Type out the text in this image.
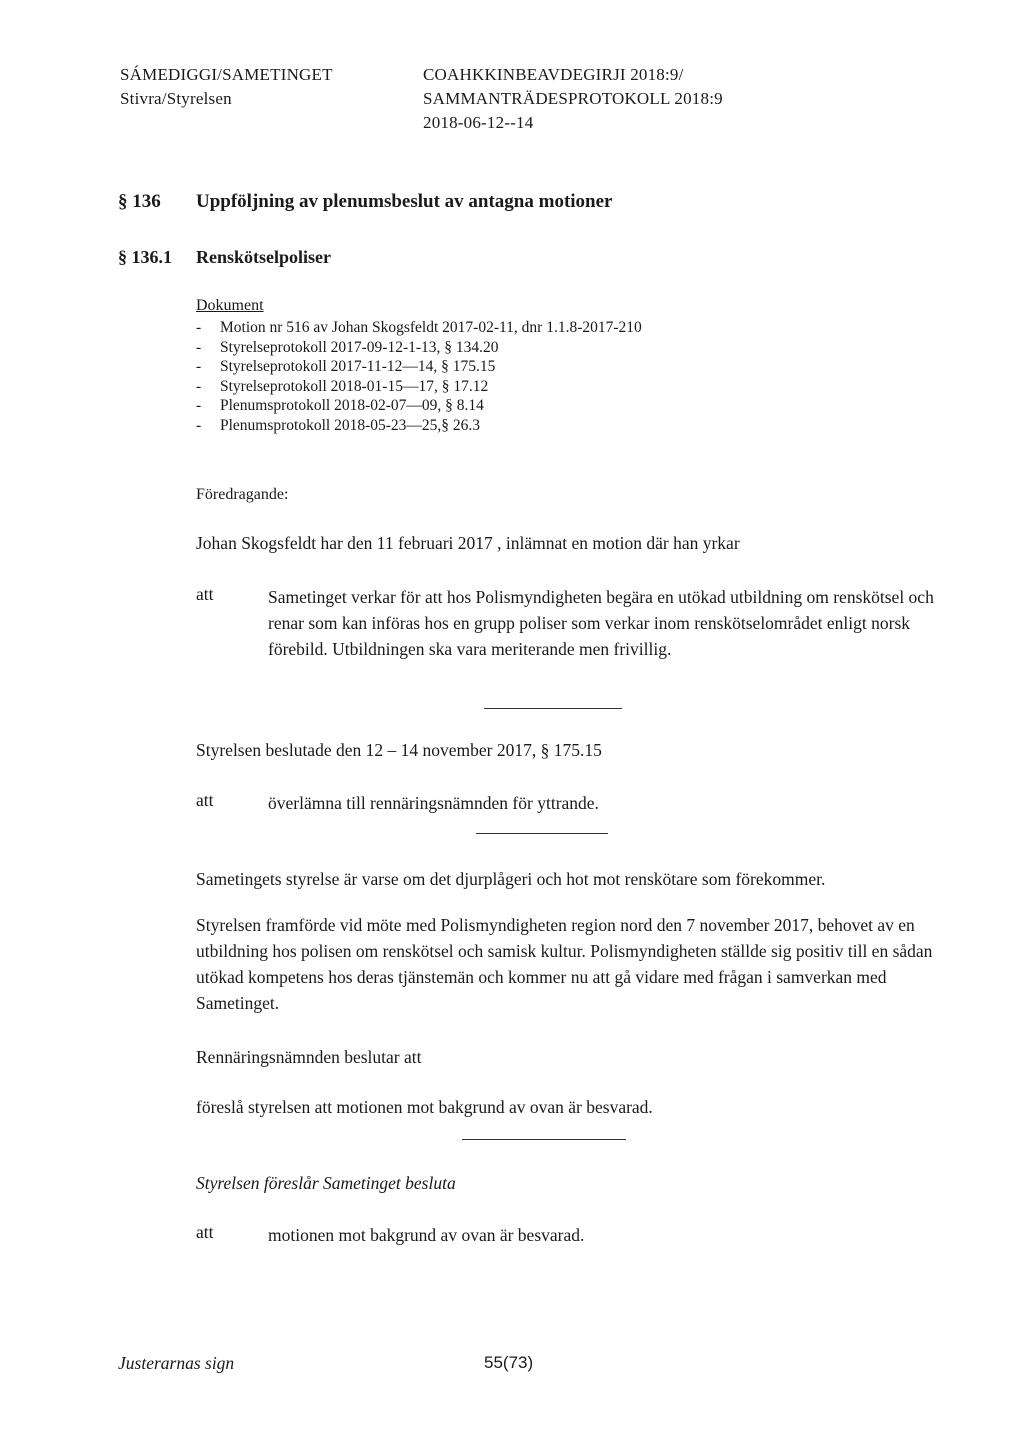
SÁMEDIGGI/SAMETINGET
Stivra/Styrelsen
COAHKKINBEAVDEGIRJI 2018:9/
SAMMANTRÄDESPROTOKOLL 2018:9
2018-06-12--14
§ 136 Uppföljning av plenumsbeslut av antagna motioner
§ 136.1 Renskötselpoliser
Dokument
- Motion nr 516 av Johan Skogsfeldt 2017-02-11, dnr 1.1.8-2017-210
- Styrelseprotokoll 2017-09-12-1-13, § 134.20
- Styrelseprotokoll 2017-11-12—14, § 175.15
- Styrelseprotokoll 2018-01-15—17, § 17.12
- Plenumsprotokoll 2018-02-07—09, § 8.14
- Plenumsprotokoll 2018-05-23—25,§ 26.3
Föredragande:
Johan Skogsfeldt har den 11 februari 2017 , inlämnat en motion där han yrkar
att	Sametinget verkar för att hos Polismyndigheten begära en utökad utbildning om renskötsel och renar som kan införas hos en grupp poliser som verkar inom renskötselområdet enligt norsk förebild. Utbildningen ska vara meriterande men frivillig.
Styrelsen beslutade den 12 – 14 november 2017, § 175.15
att	överlämna till rennäringsnämnden för yttrande.
Sametingets styrelse är varse om det djurplågeri och hot mot renskötare som förekommer.
Styrelsen framförde vid möte med Polismyndigheten region nord den 7 november 2017, behovet av en utbildning hos polisen om renskötsel och samisk kultur. Polismyndigheten ställde sig positiv till en sådan utökad kompetens hos deras tjänstemän och kommer nu att gå vidare med frågan i samverkan med Sametinget.
Rennäringsnämnden beslutar att
föreslå styrelsen att motionen mot bakgrund av ovan är besvarad.
Styrelsen föreslår Sametinget besluta
att	motionen mot bakgrund av ovan är besvarad.
Justerarnas sign	55(73)
